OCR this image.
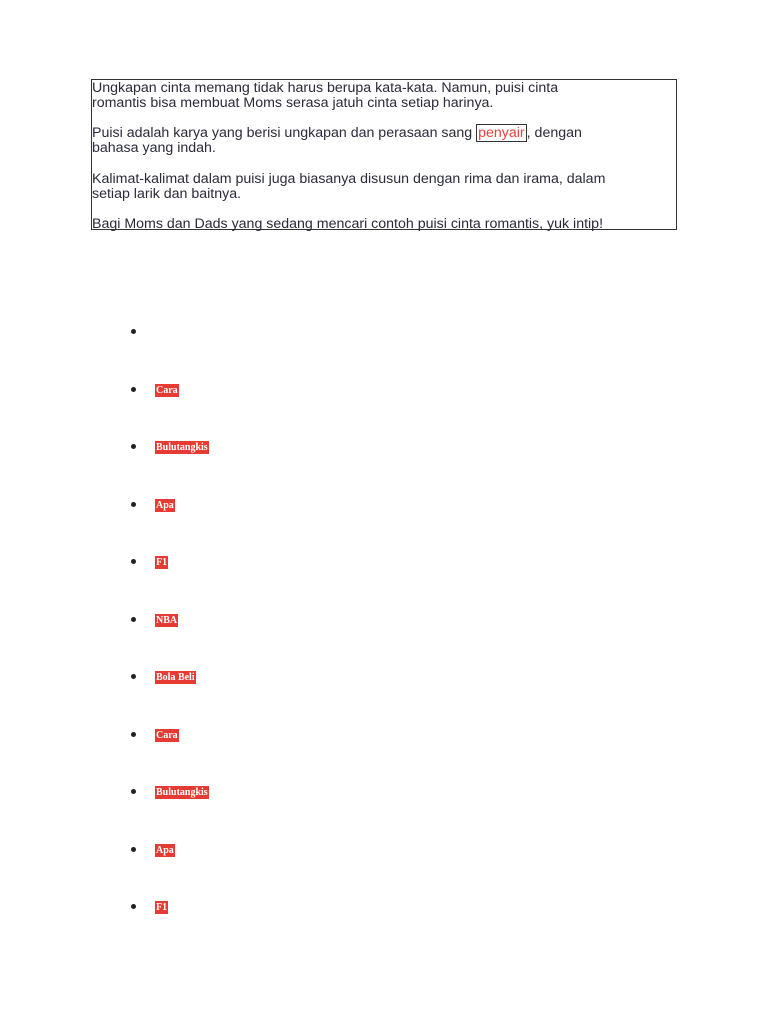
Ungkapan cinta memang tidak harus berupa kata-kata. Namun, puisi cinta
romantis bisa membuat Moms serasa jatuh cinta setiap harinya.

Puisi adalah karya yang berisi ungkapan dan perasaan sang penyair , dengan
bahasa yang indah.

Kalimat-kalimat dalam puisi juga biasanya disusun dengan rima dan irama, dalam
setiap larik dan baitnya.

Bagi Moms dan Dads yang sedang mencari contoh puisi cinta romantis, yuk intip!

Cara
Bulutangkis
Apa
F1
NBA
Bola Beli
Cara
Bulutangkis
Apa
F1
